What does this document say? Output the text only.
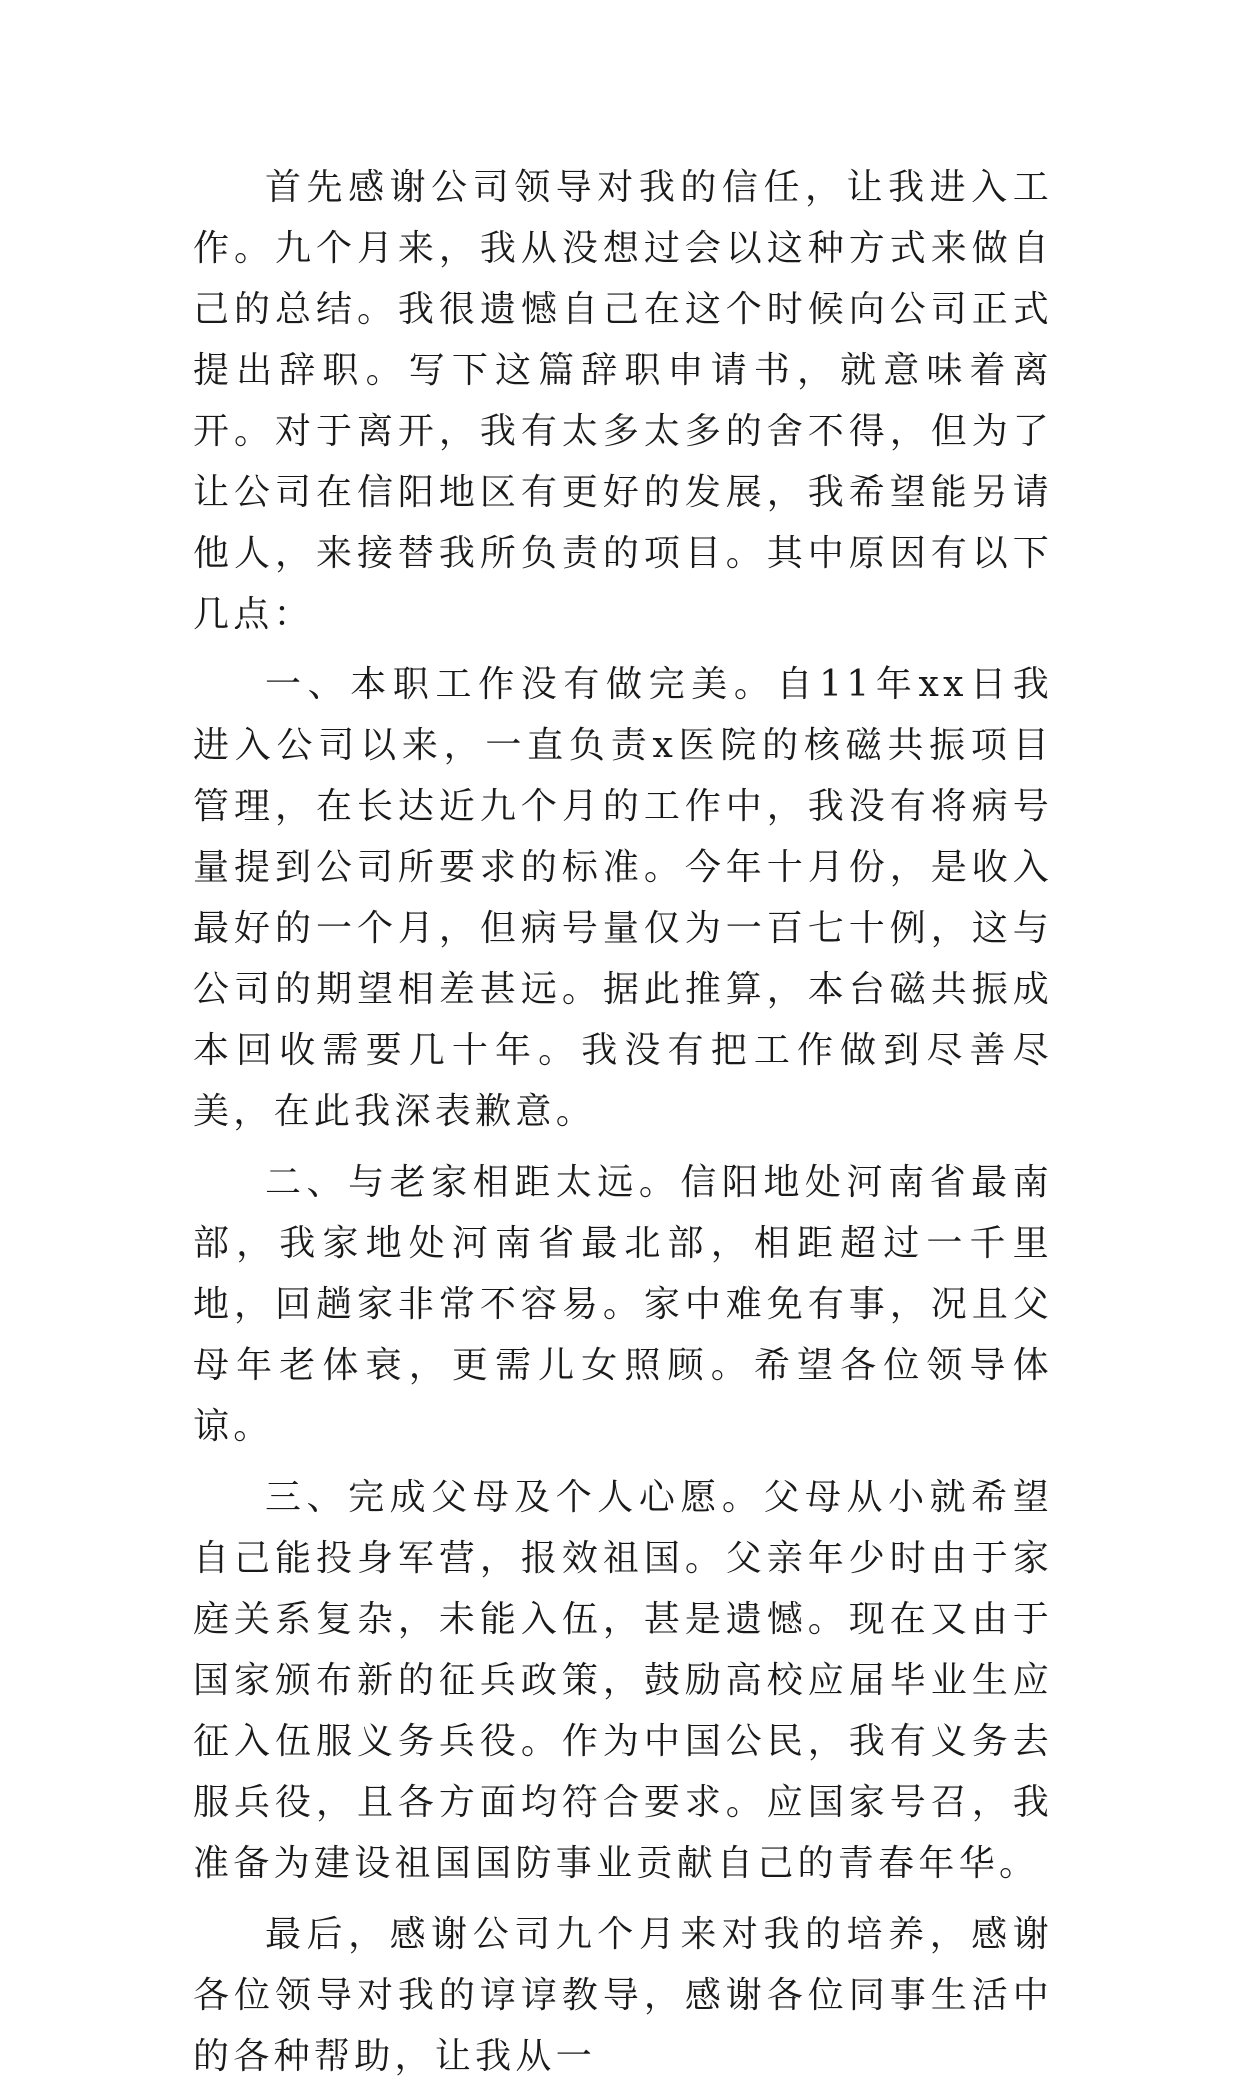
首先感谢公司领导对我的信任，让我进入工作。九个月来，我从没想过会以这种方式来做自己的总结。我很遗憾自己在这个时候向公司正式提出辞职。写下这篇辞职申请书，就意味着离开。对于离开，我有太多太多的舍不得，但为了让公司在信阳地区有更好的发展，我希望能另请他人，来接替我所负责的项目。其中原因有以下几点：

一、本职工作没有做完美。自11年xx日我进入公司以来，一直负责x医院的核磁共振项目管理，在长达近九个月的工作中，我没有将病号量提到公司所要求的标准。今年十月份，是收入最好的一个月，但病号量仅为一百七十例，这与公司的期望相差甚远。据此推算，本台磁共振成本回收需要几十年。我没有把工作做到尽善尽美，在此我深表歉意。

二、与老家相距太远。信阳地处河南省最南部，我家地处河南省最北部，相距超过一千里地，回趟家非常不容易。家中难免有事，况且父母年老体衰，更需儿女照顾。希望各位领导体谅。

三、完成父母及个人心愿。父母从小就希望自己能投身军营，报效祖国。父亲年少时由于家庭关系复杂，未能入伍，甚是遗憾。现在又由于国家颁布新的征兵政策，鼓励高校应届毕业生应征入伍服义务兵役。作为中国公民，我有义务去服兵役，且各方面均符合要求。应国家号召，我准备为建设祖国国防事业贡献自己的青春年华。

最后，感谢公司九个月来对我的培养，感谢各位领导对我的谆谆教导，感谢各位同事生活中的各种帮助，让我从一
